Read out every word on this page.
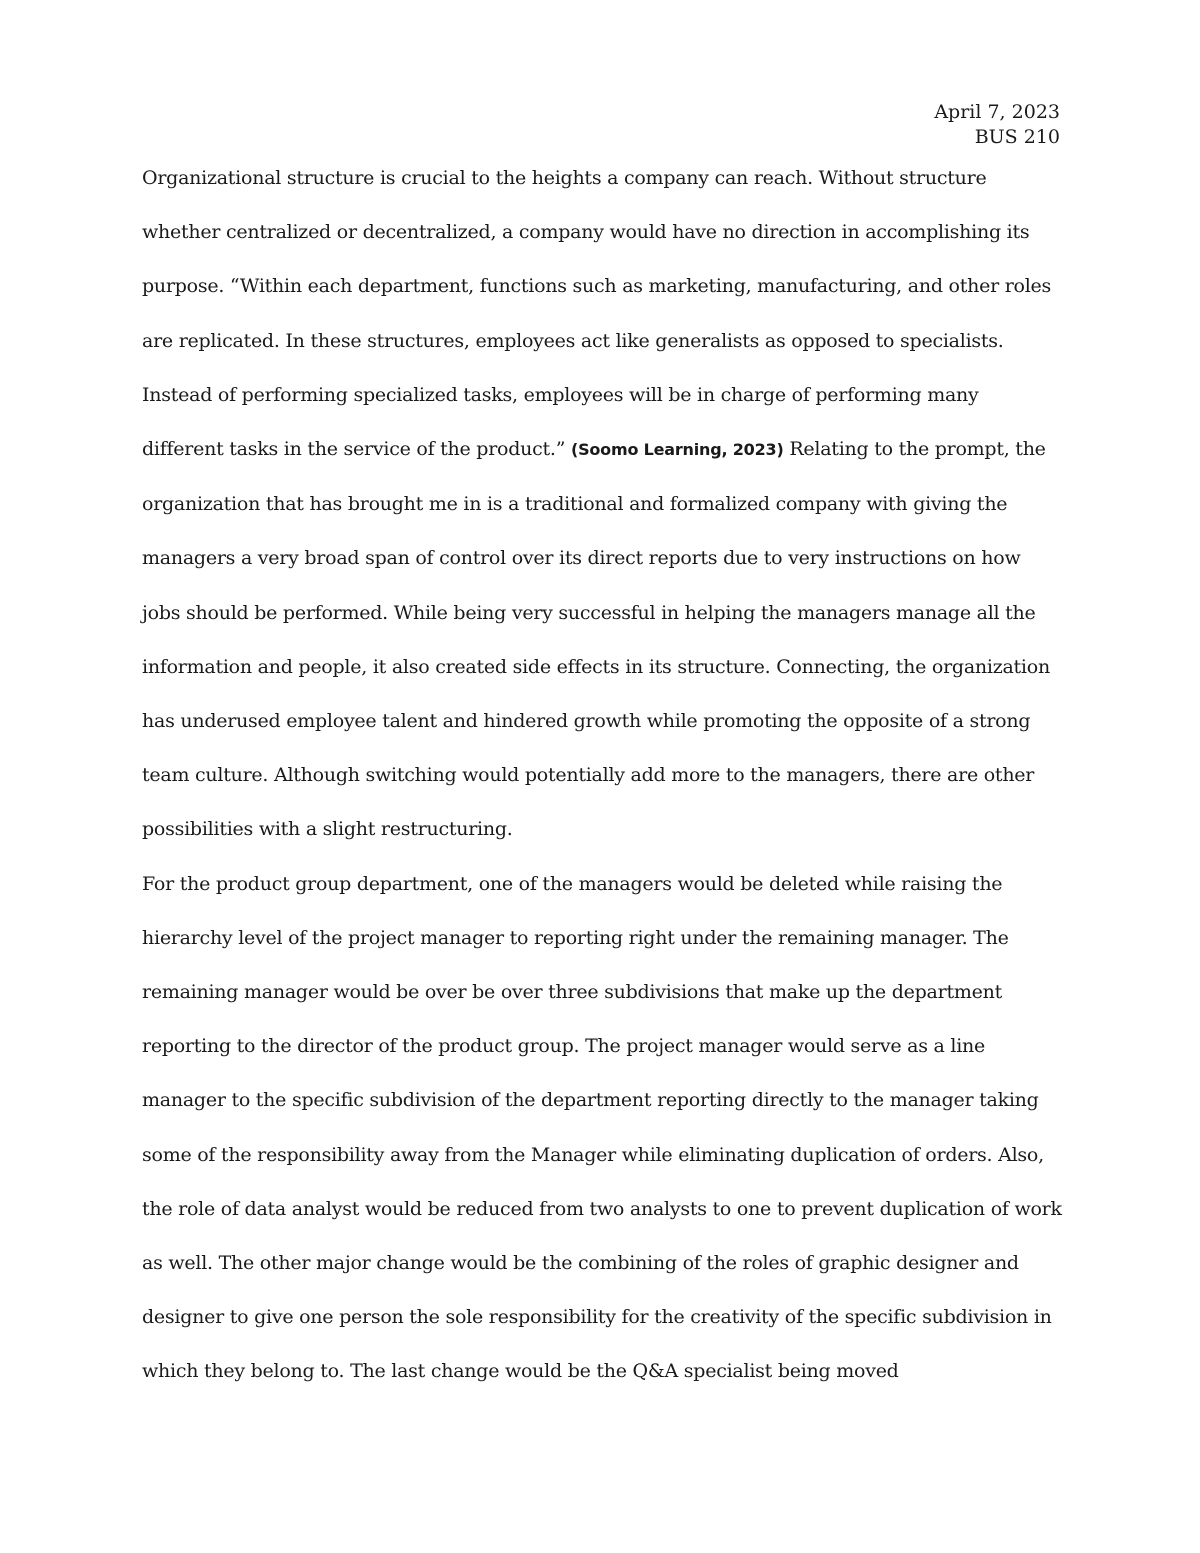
April 7, 2023
BUS 210

Organizational structure is crucial to the heights a company can reach. Without structure whether centralized or decentralized, a company would have no direction in accomplishing its purpose. “Within each department, functions such as marketing, manufacturing, and other roles are replicated. In these structures, employees act like generalists as opposed to specialists. Instead of performing specialized tasks, employees will be in charge of performing many different tasks in the service of the product.” (Soomo Learning, 2023) Relating to the prompt, the organization that has brought me in is a traditional and formalized company with giving the managers a very broad span of control over its direct reports due to very instructions on how jobs should be performed. While being very successful in helping the managers manage all the information and people, it also created side effects in its structure. Connecting, the organization has underused employee talent and hindered growth while promoting the opposite of a strong team culture. Although switching would potentially add more to the managers, there are other possibilities with a slight restructuring.

For the product group department, one of the managers would be deleted while raising the hierarchy level of the project manager to reporting right under the remaining manager. The remaining manager would be over be over three subdivisions that make up the department reporting to the director of the product group. The project manager would serve as a line manager to the specific subdivision of the department reporting directly to the manager taking some of the responsibility away from the Manager while eliminating duplication of orders. Also, the role of data analyst would be reduced from two analysts to one to prevent duplication of work as well. The other major change would be the combining of the roles of graphic designer and designer to give one person the sole responsibility for the creativity of the specific subdivision in which they belong to. The last change would be the Q&A specialist being moved
